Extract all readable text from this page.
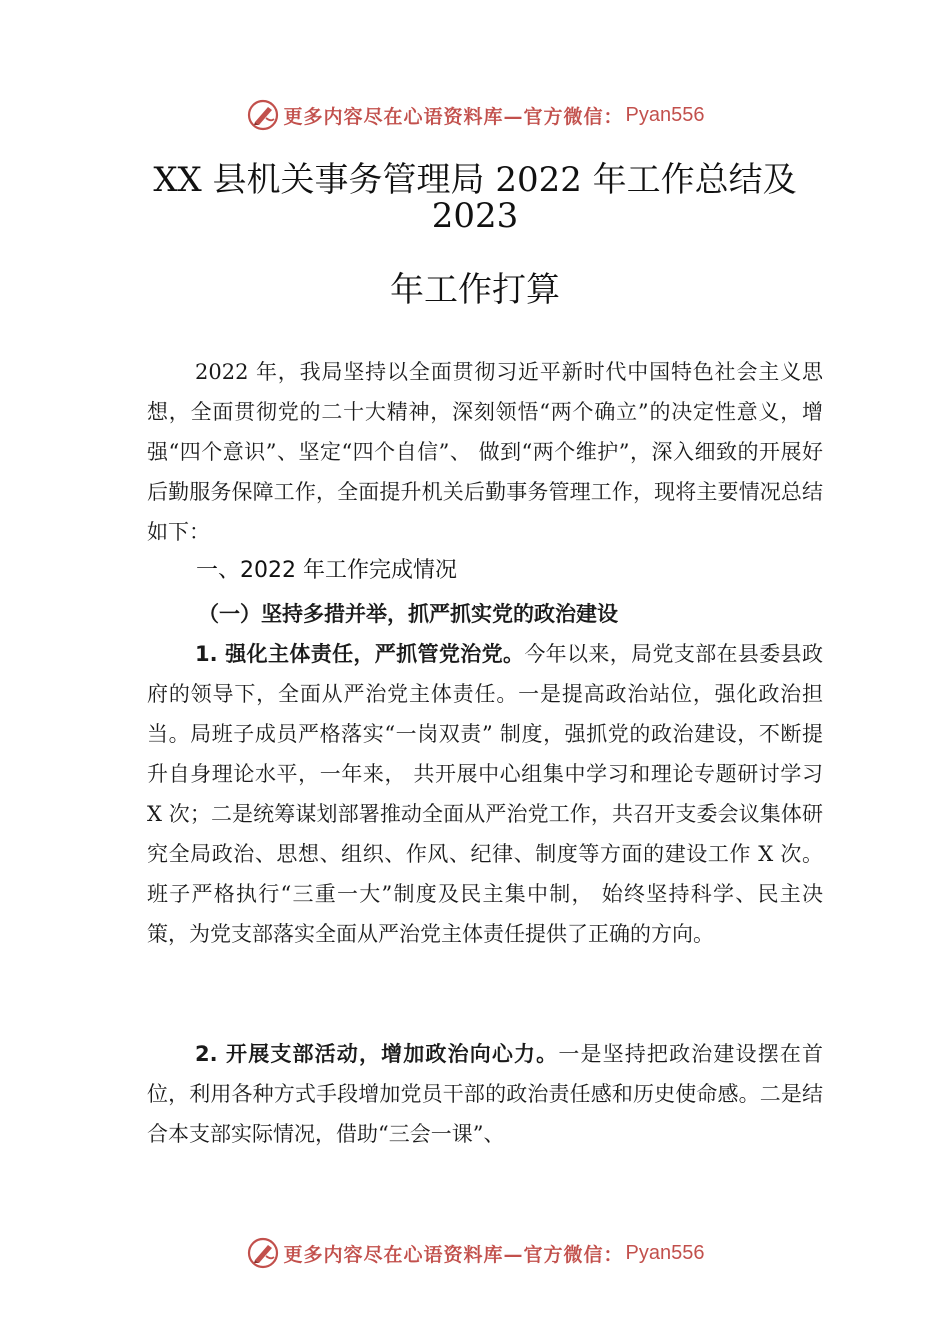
更多内容尽在心语资料库—官方微信： Pyan556
XX 县机关事务管理局 2022 年工作总结及
2023
年工作打算

2022 年，我局坚持以全面贯彻习近平新时代中国特色社会主义思想，全面贯彻党的二十大精神，深刻领悟“两个确立”的决定性意义，增强“四个意识”、坚定“四个自信”、 做到“两个维护”，深入细致的开展好后勤服务保障工作，全面提升机关后勤事务管理工作，现将主要情况总结如下：

一、2022 年工作完成情况
（一）坚持多措并举，抓严抓实党的政治建设

1. 强化主体责任，严抓管党治党。今年以来，局党支部在县委县政府的领导下，全面从严治党主体责任。一是提高政治站位，强化政治担当。局班子成员严格落实“一岗双责” 制度，强抓党的政治建设，不断提升自身理论水平，一年来， 共开展中心组集中学习和理论专题研讨学习 X 次；二是统筹谋划部署推动全面从严治党工作，共召开支委会议集体研究全局政治、思想、组织、作风、纪律、制度等方面的建设工作 X 次。班子严格执行“三重一大”制度及民主集中制， 始终坚持科学、民主决策，为党支部落实全面从严治党主体责任提供了正确的方向。

2. 开展支部活动，增加政治向心力。一是坚持把政治建设摆在首位，利用各种方式手段增加党员干部的政治责任感和历史使命感。二是结合本支部实际情况，借助“三会一课”、

更多内容尽在心语资料库—官方微信： Pyan556
